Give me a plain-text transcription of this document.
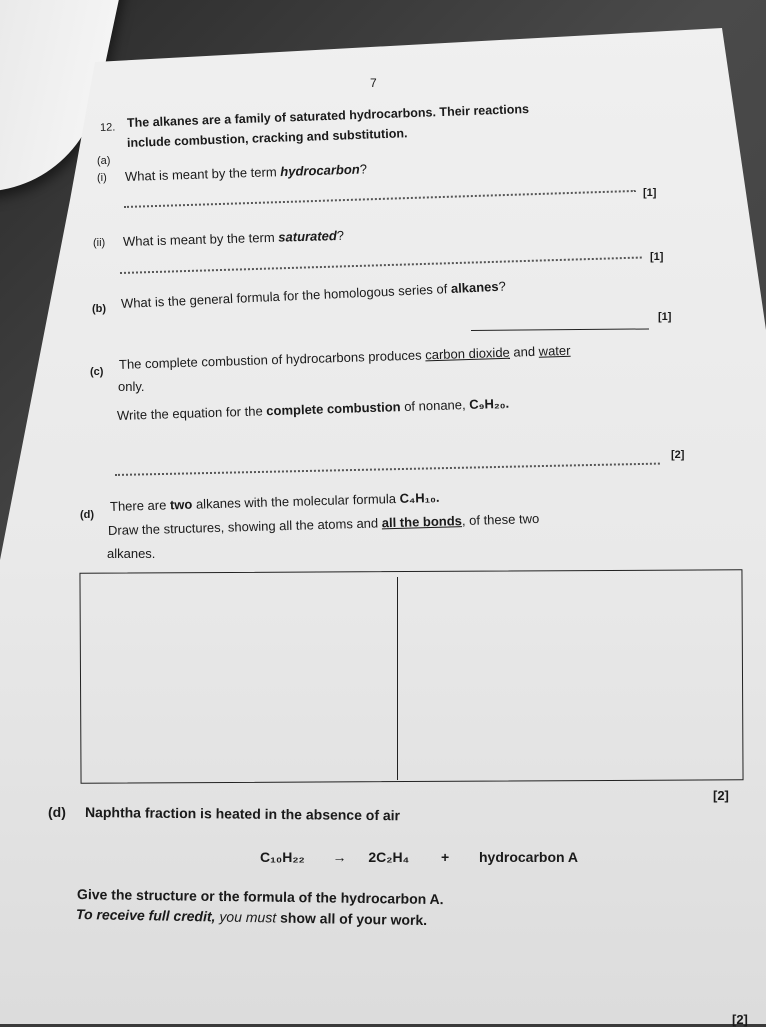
7
12. The alkanes are a family of saturated hydrocarbons. Their reactions
include combustion, cracking and substitution.
(a)
(i) What is meant by the term hydrocarbon?
[1]
(ii) What is meant by the term saturated?
[1]
(b) What is the general formula for the homologous series of alkanes?
[1]
(c)
The complete combustion of hydrocarbons produces carbon dioxide and water
only.
Write the equation for the complete combustion of nonane, C₉H₂₀.
[2]
(d)
There are two alkanes with the molecular formula C₄H₁₀.
Draw the structures, showing all the atoms and all the bonds, of these two
alkanes.
[2]
(d) Naphtha fraction is heated in the absence of air
C₁₀H₂₂ → 2C₂H₄ + hydrocarbon A
Give the structure or the formula of the hydrocarbon A.
To receive full credit, you must show all of your work.
[2]
